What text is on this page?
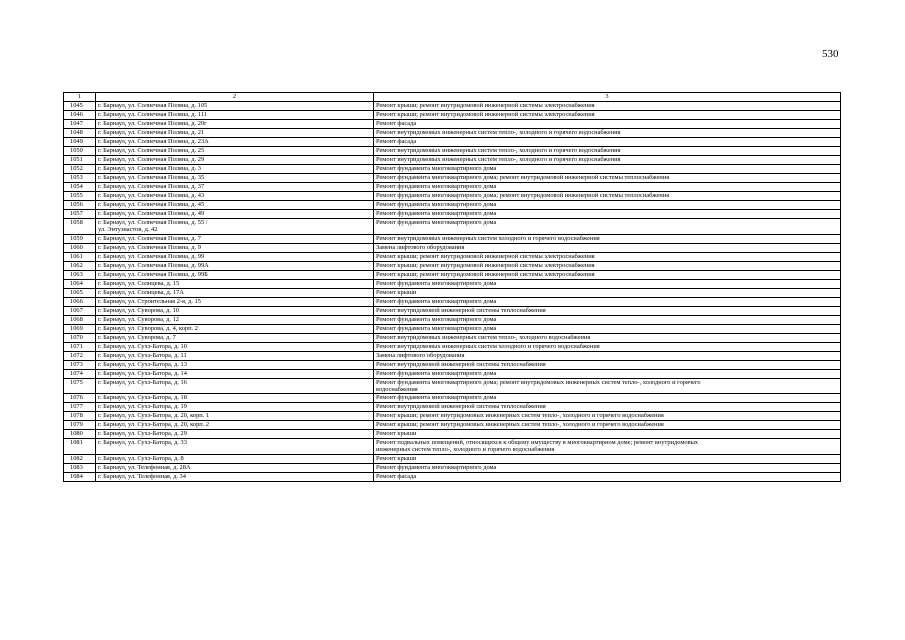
530
1	2	3
1045	г. Барнаул, ул. Солнечная Поляна, д. 105	Ремонт крыши; ремонт внутридомовой инженерной системы электроснабжения

1046	г. Барнаул, ул. Солнечная Поляна, д. 111	Ремонт крыши; ремонт внутридомовой инженерной системы электроснабжения

1047	г. Барнаул, ул. Солнечная Поляна, д. 20г	Ремонт фасада

1048	г. Барнаул, ул. Солнечная Поляна, д. 21	Ремонт внутридомовых инженерных систем тепло-, холодного и горячего водоснабжения

1049	г. Барнаул, ул. Солнечная Поляна, д. 23А	Ремонт фасада

1050	г. Барнаул, ул. Солнечная Поляна, д. 25	Ремонт внутридомовых инженерных систем тепло-, холодного и горячего водоснабжения

1051	г. Барнаул, ул. Солнечная Поляна, д. 29	Ремонт внутридомовых инженерных систем тепло-, холодного и горячего водоснабжения

1052	г. Барнаул, ул. Солнечная Поляна, д. 3	Ремонт фундамента многоквартирного дома

1053	г. Барнаул, ул. Солнечная Поляна, д. 35	Ремонт фундамента многоквартирного дома; ремонт внутридомовой инженерной системы теплоснабжения

1054	г. Барнаул, ул. Солнечная Поляна, д. 37	Ремонт фундамента многоквартирного дома

1055	г. Барнаул, ул. Солнечная Поляна, д. 43	Ремонт фундамента многоквартирного дома; ремонт внутридомовой инженерной системы теплоснабжения

1056	г. Барнаул, ул. Солнечная Поляна, д. 45	Ремонт фундамента многоквартирного дома

1057	г. Барнаул, ул. Солнечная Поляна, д. 49	Ремонт фундамента многоквартирного дома

1058	г. Барнаул, ул. Солнечная Поляна, д. 55 /
ул. Энтузиастов, д. 42	Ремонт фундамента многоквартирного дома

1059	г. Барнаул, ул. Солнечная Поляна, д. 7	Ремонт внутридомовых инженерных систем холодного и горячего водоснабжения

1060	г. Барнаул, ул. Солнечная Поляна, д. 9	Замена лифтового оборудования

1061	г. Барнаул, ул. Солнечная Поляна, д. 99	Ремонт крыши; ремонт внутридомовой инженерной системы электроснабжения

1062	г. Барнаул, ул. Солнечная Поляна, д. 99А	Ремонт крыши; ремонт внутридомовой инженерной системы электроснабжения

1063	г. Барнаул, ул. Солнечная Поляна, д. 99Б	Ремонт крыши; ремонт внутридомовой инженерной системы электроснабжения

1064	г. Барнаул, ул. Солнцева, д. 15	Ремонт фундамента многоквартирного дома

1065	г. Барнаул, ул. Солнцева, д. 17А	Ремонт крыши

1066	г. Барнаул, ул. Строительная 2-я, д. 15	Ремонт фундамента многоквартирного дома

1067	г. Барнаул, ул. Суворова, д. 10	Ремонт внутридомовой инженерной системы теплоснабжения

1068	г. Барнаул, ул. Суворова, д. 12	Ремонт фундамента многоквартирного дома

1069	г. Барнаул, ул. Суворова, д. 4, корп. 2	Ремонт фундамента многоквартирного дома

1070	г. Барнаул, ул. Суворова, д. 7	Ремонт внутридомовых инженерных систем тепло-, холодного водоснабжения

1071	г. Барнаул, ул. Сухэ-Батора, д. 10	Ремонт внутридомовых инженерных систем холодного и горячего водоснабжения

1072	г. Барнаул, ул. Сухэ-Батора, д. 11	Замена лифтового оборудования

1073	г. Барнаул, ул. Сухэ-Батора, д. 13	Ремонт внутридомовой инженерной системы теплоснабжения

1074	г. Барнаул, ул. Сухэ-Батора, д. 14	Ремонт фундамента многоквартирного дома

1075	г. Барнаул, ул. Сухэ-Батора, д. 16	Ремонт фундамента многоквартирного дома; ремонт внутридомовых инженерных систем тепло-, холодного и горячего
водоснабжения

1076	г. Барнаул, ул. Сухэ-Батора, д. 18	Ремонт фундамента многоквартирного дома

1077	г. Барнаул, ул. Сухэ-Батора, д. 19	Ремонт внутридомовой инженерной системы теплоснабжения

1078	г. Барнаул, ул. Сухэ-Батора, д. 20, корп. 1	Ремонт крыши; ремонт внутридомовых инженерных систем тепло-, холодного и горячего водоснабжения

1079	г. Барнаул, ул. Сухэ-Батора, д. 20, корп. 2	Ремонт крыши; ремонт внутридомовых инженерных систем тепло-, холодного и горячего водоснабжения

1080	г. Барнаул, ул. Сухэ-Батора, д. 29	Ремонт крыши

1081	г. Барнаул, ул. Сухэ-Батора, д. 33	Ремонт подвальных помещений, относящихся к общему имуществу в многоквартирном доме; ремонт внутридомовых
инженерных систем тепло-, холодного и горячего водоснабжения

1082	г. Барнаул, ул. Сухэ-Батора, д. 8	Ремонт крыши

1083	г. Барнаул, ул. Телефонная, д. 28А	Ремонт фундамента многоквартирного дома

1084	г. Барнаул, ул. Телефонная, д. 34	Ремонт фасада
